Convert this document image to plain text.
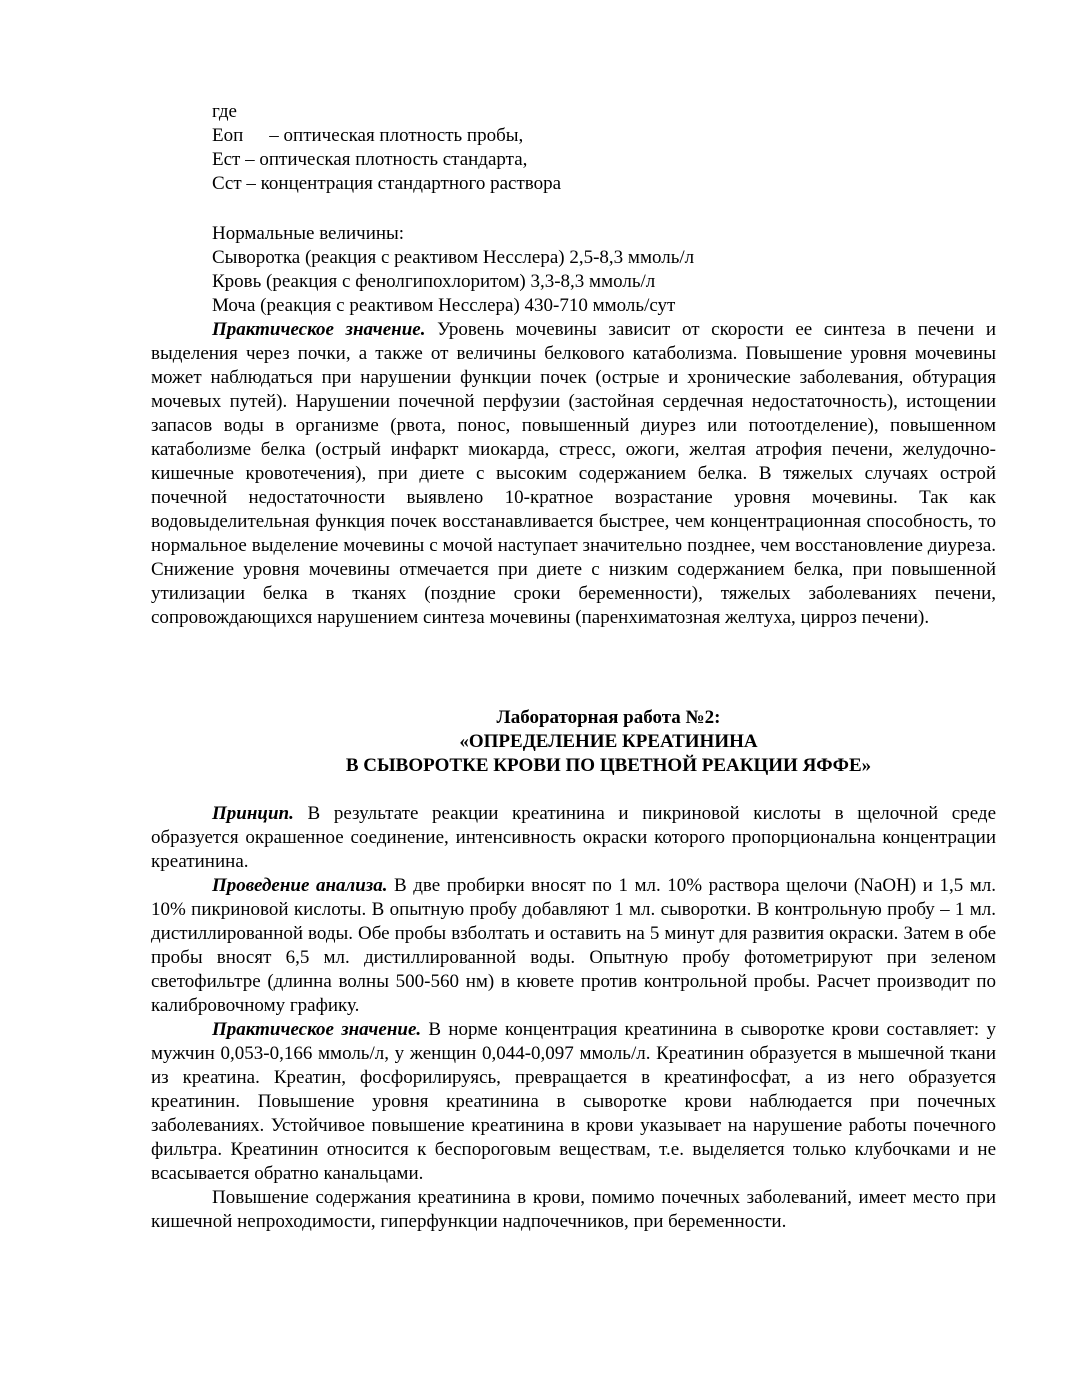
где
Еоп – оптическая плотность пробы,
Ест – оптическая плотность стандарта,
Сст – концентрация стандартного раствора
Нормальные величины:
Сыворотка (реакция с реактивом Несслера) 2,5-8,3 ммоль/л
Кровь (реакция с фенолгипохлоритом) 3,3-8,3 ммоль/л
Моча (реакция с реактивом Несслера) 430-710 ммоль/сут

Практическое значение. Уровень мочевины зависит от скорости ее синтеза в печени и выделения через почки, а также от величины белкового катаболизма. Повышение уровня мочевины может наблюдаться при нарушении функции почек (острые и хронические заболевания, обтурация мочевых путей). Нарушении почечной перфузии (застойная сердечная недостаточность), истощении запасов воды в организме (рвота, понос, повышенный диурез или потоотделение), повышенном катаболизме белка (острый инфаркт миокарда, стресс, ожоги, желтая атрофия печени, желудочно-кишечные кровотечения), при диете с высоким содержанием белка. В тяжелых случаях острой почечной недостаточности выявлено 10-кратное возрастание уровня мочевины. Так как водовыделительная функция почек восстанавливается быстрее, чем концентрационная способность, то нормальное выделение мочевины с мочой наступает значительно позднее, чем восстановление диуреза. Снижение уровня мочевины отмечается при диете с низким содержанием белка, при повышенной утилизации белка в тканях (поздние сроки беременности), тяжелых заболеваниях печени, сопровождающихся нарушением синтеза мочевины (паренхиматозная желтуха, цирроз печени).

Лабораторная работа №2:
«ОПРЕДЕЛЕНИЕ КРЕАТИНИНА
В СЫВОРОТКЕ КРОВИ ПО ЦВЕТНОЙ РЕАКЦИИ ЯФФЕ»

Принцип. В результате реакции креатинина и пикриновой кислоты в щелочной среде образуется окрашенное соединение, интенсивность окраски которого пропорциональна концентрации креатинина.

Проведение анализа. В две пробирки вносят по 1 мл. 10% раствора щелочи (NaOH) и 1,5 мл. 10% пикриновой кислоты. В опытную пробу добавляют 1 мл. сыворотки. В контрольную пробу – 1 мл. дистиллированной воды. Обе пробы взболтать и оставить на 5 минут для развития окраски. Затем в обе пробы вносят 6,5 мл. дистиллированной воды. Опытную пробу фотометрируют при зеленом светофильтре (длинна волны 500-560 нм) в кювете против контрольной пробы. Расчет производит по калибровочному графику.

Практическое значение. В норме концентрация креатинина в сыворотке крови составляет: у мужчин 0,053-0,166 ммоль/л, у женщин 0,044-0,097 ммоль/л. Креатинин образуется в мышечной ткани из креатина. Креатин, фосфорилируясь, превращается в креатинфосфат, а из него образуется креатинин. Повышение уровня креатинина в сыворотке крови наблюдается при почечных заболеваниях. Устойчивое повышение креатинина в крови указывает на нарушение работы почечного фильтра. Креатинин относится к беспороговым веществам, т.е. выделяется только клубочками и не всасывается обратно канальцами.

Повышение содержания креатинина в крови, помимо почечных заболеваний, имеет место при кишечной непроходимости, гиперфункции надпочечников, при беременности.
